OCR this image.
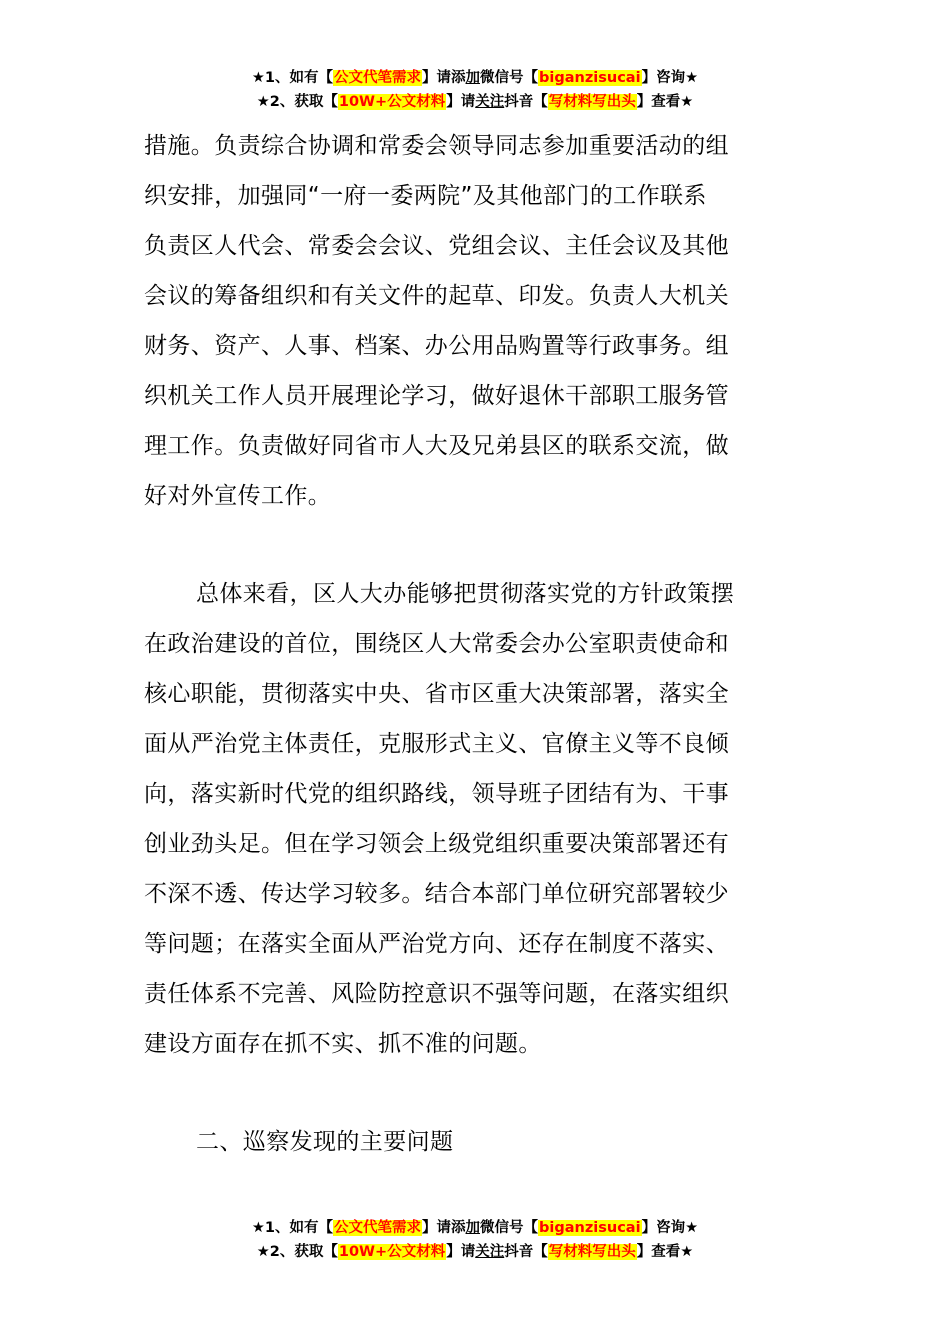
★1、如有【公文代笔需求】请添加微信号【biganzisucai】咨询★
★2、获取【10W+公文材料】请关注抖音【写材料写出头】查看★
措施。负责综合协调和常委会领导同志参加重要活动的组
织安排，加强同“一府一委两院”及其他部门的工作联系
负责区人代会、常委会会议、党组会议、主任会议及其他
会议的筹备组织和有关文件的起草、印发。负责人大机关
财务、资产、人事、档案、办公用品购置等行政事务。组
织机关工作人员开展理论学习，做好退休干部职工服务管
理工作。负责做好同省市人大及兄弟县区的联系交流，做
好对外宣传工作。
总体来看，区人大办能够把贯彻落实党的方针政策摆
在政治建设的首位，围绕区人大常委会办公室职责使命和
核心职能，贯彻落实中央、省市区重大决策部署，落实全
面从严治党主体责任，克服形式主义、官僚主义等不良倾
向，落实新时代党的组织路线，领导班子团结有为、干事
创业劲头足。但在学习领会上级党组织重要决策部署还有
不深不透、传达学习较多。结合本部门单位研究部署较少
等问题；在落实全面从严治党方向、还存在制度不落实、
责任体系不完善、风险防控意识不强等问题，在落实组织
建设方面存在抓不实、抓不准的问题。
二、巡察发现的主要问题
★1、如有【公文代笔需求】请添加微信号【biganzisucai】咨询★
★2、获取【10W+公文材料】请关注抖音【写材料写出头】查看★
